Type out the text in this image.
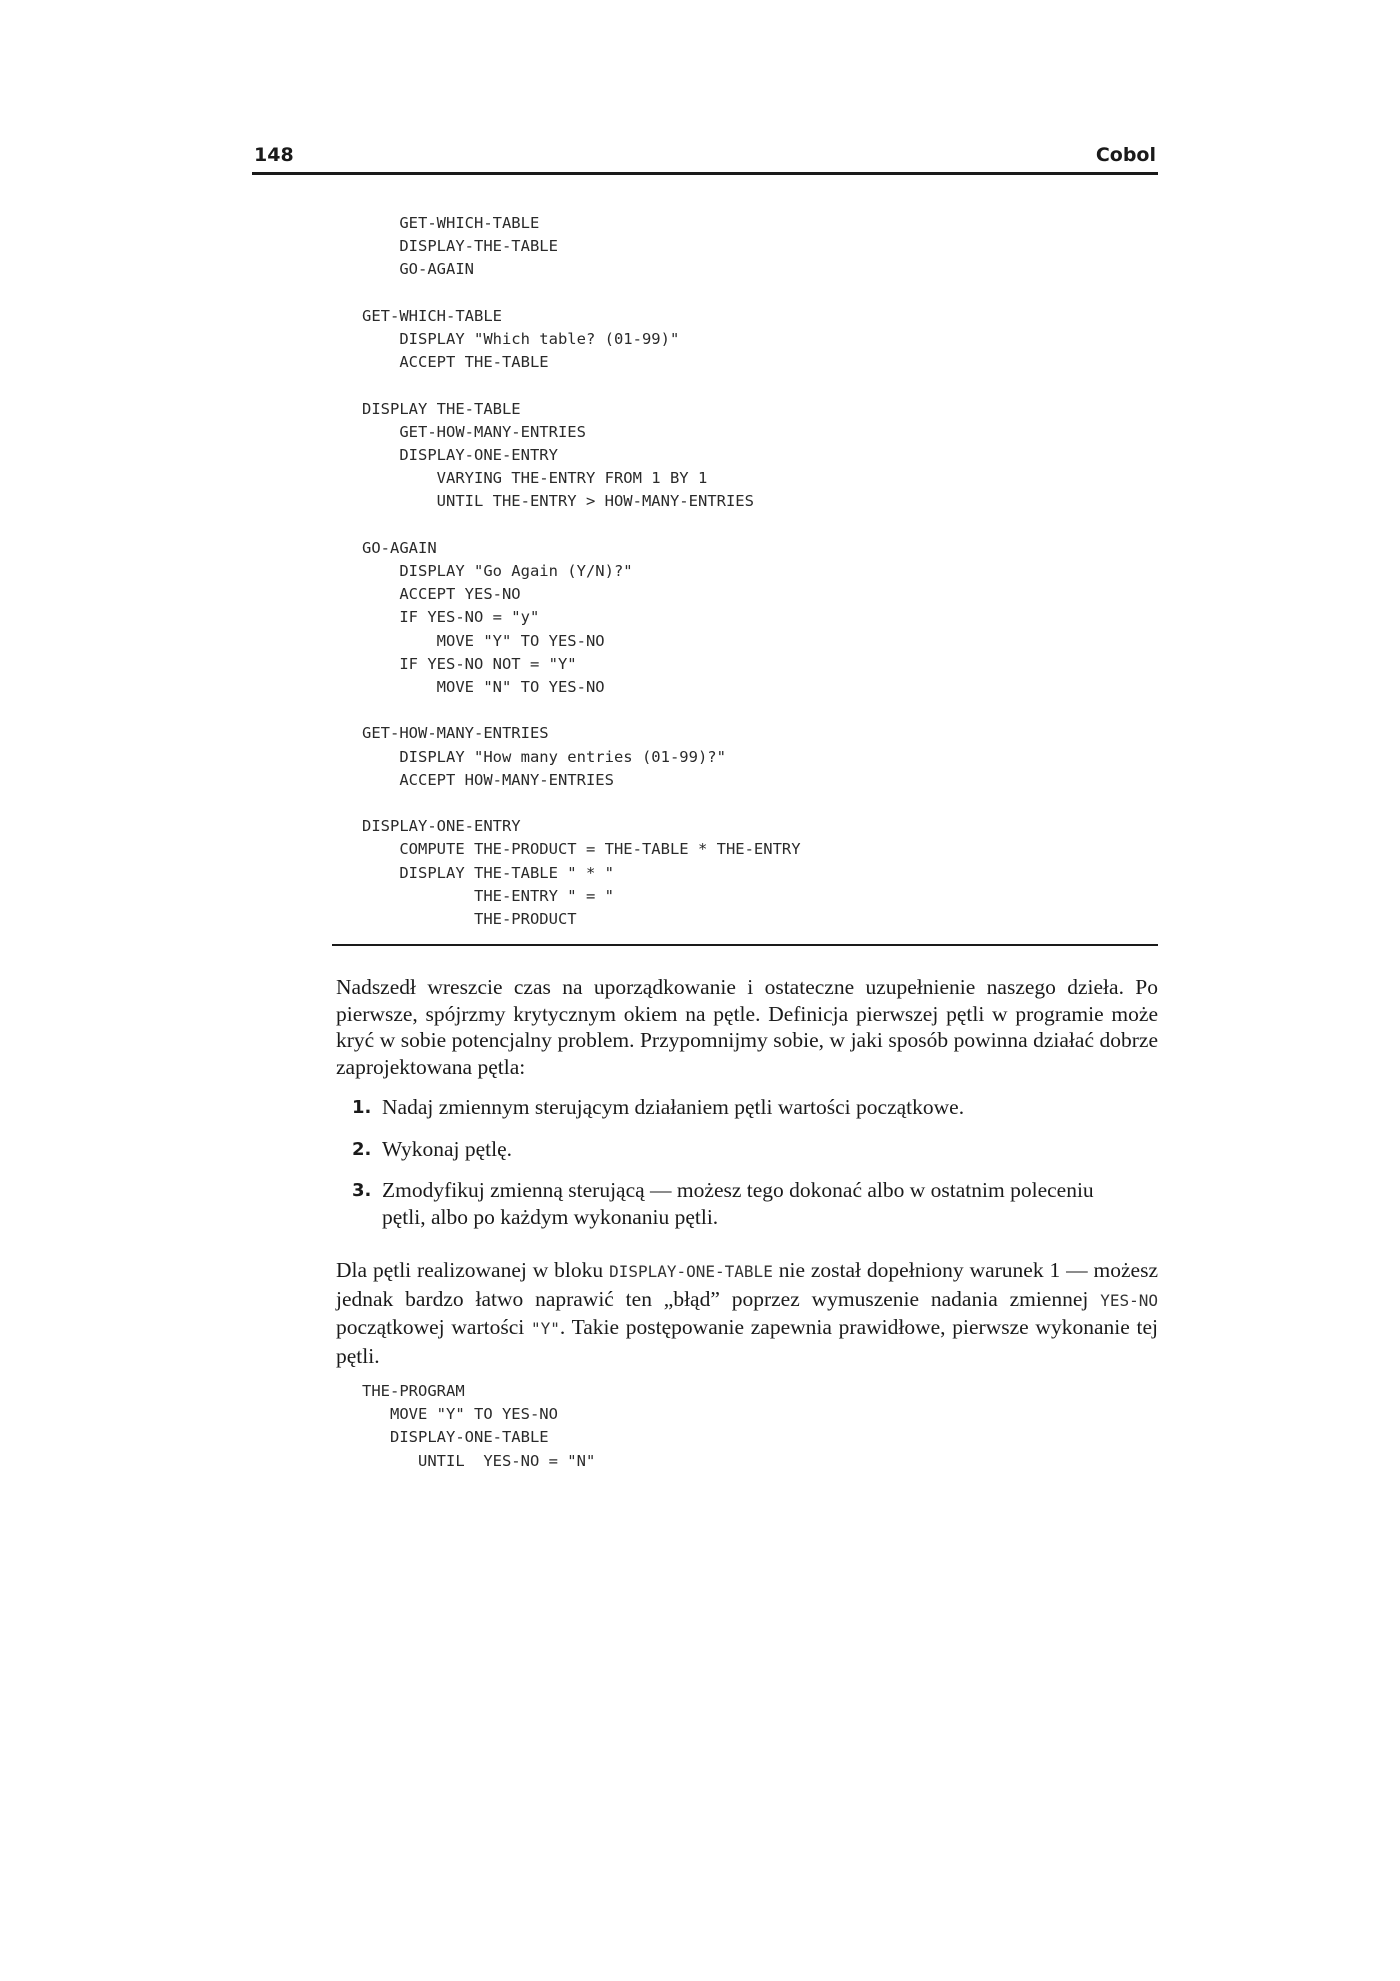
148	Cobol
GET-WHICH-TABLE
DISPLAY-THE-TABLE
GO-AGAIN

GET-WHICH-TABLE
DISPLAY "Which table? (01-99)"
ACCEPT THE-TABLE

DISPLAY THE-TABLE
GET-HOW-MANY-ENTRIES
DISPLAY-ONE-ENTRY
VARYING THE-ENTRY FROM 1 BY 1
UNTIL THE-ENTRY > HOW-MANY-ENTRIES

GO-AGAIN
DISPLAY "Go Again (Y/N)?"
ACCEPT YES-NO
IF YES-NO = "y"
MOVE "Y" TO YES-NO
IF YES-NO NOT = "Y"
MOVE "N" TO YES-NO

GET-HOW-MANY-ENTRIES
DISPLAY "How many entries (01-99)?"
ACCEPT HOW-MANY-ENTRIES

DISPLAY-ONE-ENTRY
COMPUTE THE-PRODUCT = THE-TABLE * THE-ENTRY
DISPLAY THE-TABLE " * "
THE-ENTRY " = "
THE-PRODUCT

Nadszedł wreszcie czas na uporządkowanie i ostateczne uzupełnienie naszego dzieła. Po pierwsze, spójrzmy krytycznym okiem na pętle. Definicja pierwszej pętli w programie może kryć w sobie potencjalny problem. Przypomnijmy sobie, w jaki sposób powinna działać dobrze zaprojektowana pętla:

1. Nadaj zmiennym sterującym działaniem pętli wartości początkowe.
2. Wykonaj pętlę.
3. Zmodyfikuj zmienną sterującą — możesz tego dokonać albo w ostatnim poleceniu pętli, albo po każdym wykonaniu pętli.

Dla pętli realizowanej w bloku DISPLAY-ONE-TABLE nie został dopełniony warunek 1 — możesz jednak bardzo łatwo naprawić ten „błąd” poprzez wymuszenie nadania zmiennej YES-NO początkowej wartości "Y". Takie postępowanie zapewnia prawidłowe, pierwsze wykonanie tej pętli.

THE-PROGRAM
MOVE "Y" TO YES-NO
DISPLAY-ONE-TABLE
UNTIL  YES-NO = "N"
